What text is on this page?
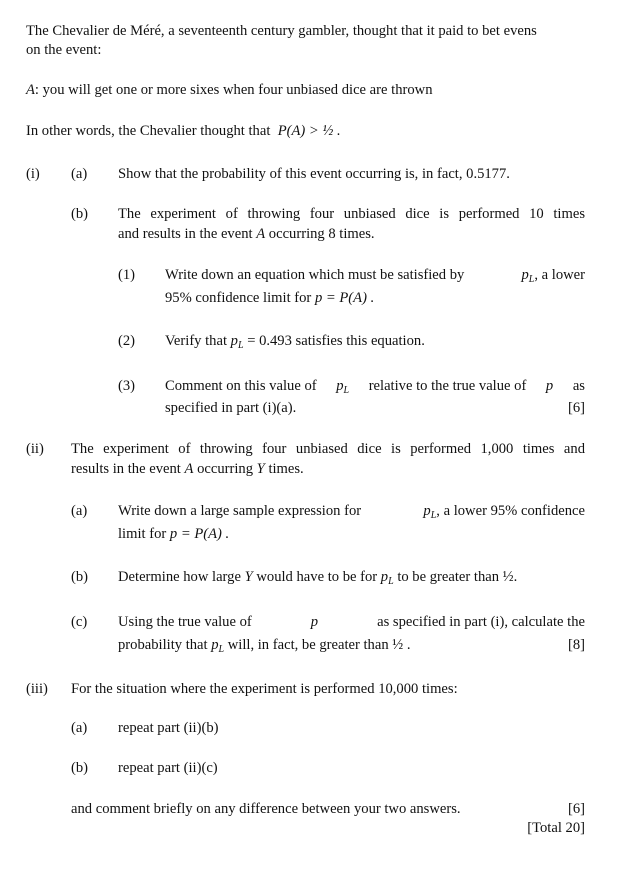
The Chevalier de Méré, a seventeenth century gambler, thought that it paid to bet evens
on the event:
A: you will get one or more sixes when four unbiased dice are thrown
In other words, the Chevalier thought that P(A) > ½ .
(i) (a) Show that the probability of this event occurring is, in fact, 0.5177.
(b) The experiment of throwing four unbiased dice is performed 10 times
and results in the event A occurring 8 times.
(1) Write down an equation which must be satisfied by	$p_L$, a lower
95% confidence limit for p = P(A) .
(2) Verify that $p_L = 0.493$ satisfies this equation.
(3) Comment on this value of $p_L$ relative to the true value of p as
specified in part (i)(a).	[6]
(ii) The experiment of throwing four unbiased dice is performed 1,000 times and
results in the event A occurring Y times.
(a) Write down a large sample expression for	$p_L$, a lower 95% confidence
limit for p = P(A) .
(b) Determine how large Y would have to be for $p_L$ to be greater than ½.
(c) Using the true value of	p	as specified in part (i), calculate the
probability that $p_L$ will, in fact, be greater than ½ .	[8]
(iii) For the situation where the experiment is performed 10,000 times:
(a) repeat part (ii)(b)
(b) repeat part (ii)(c)
and comment briefly on any difference between your two answers.	[6]
[Total 20]
